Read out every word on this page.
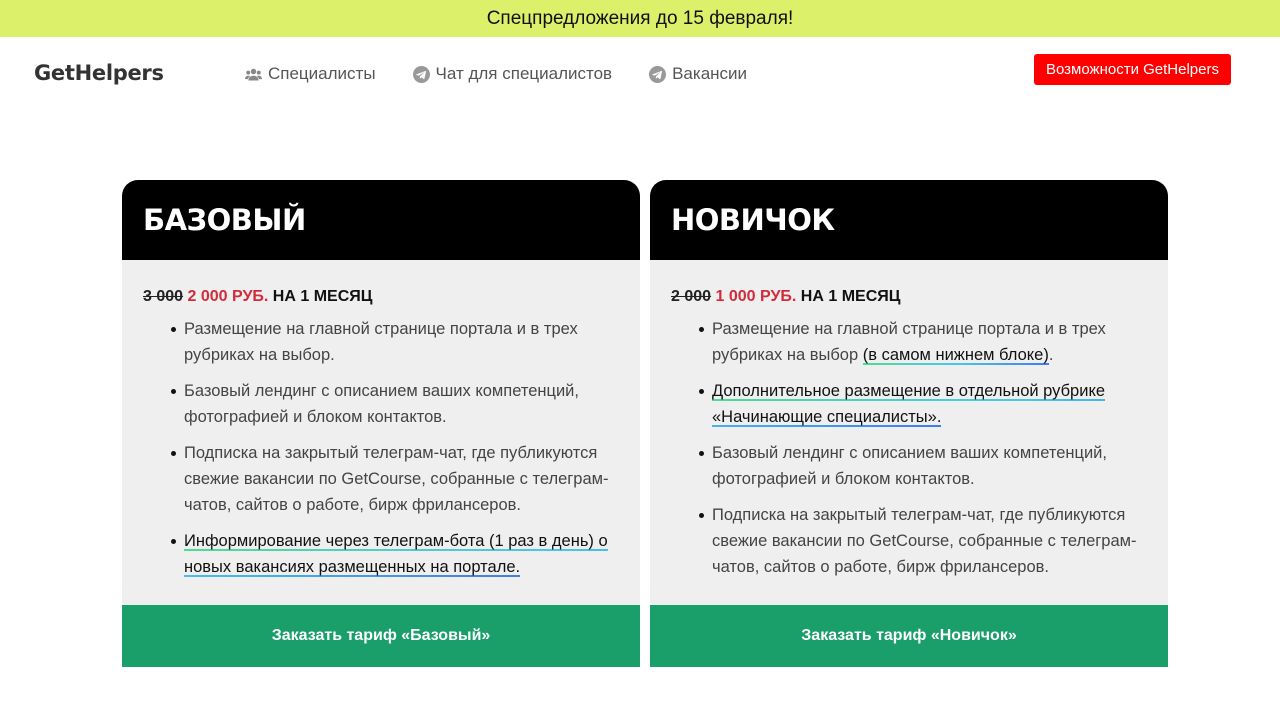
Спецпредложения до 15 февраля!
GetHelpers	Специалисты	Чат для специалистов	Вакансии	Возможности GetHelpers
БАЗОВЫЙ
3 000 2 000 РУБ. НА 1 МЕСЯЦ
Размещение на главной странице портала и в трех рубриках на выбор.
Базовый лендинг с описанием ваших компетенций, фотографией и блоком контактов.
Подписка на закрытый телеграм-чат, где публикуются свежие вакансии по GetCourse, собранные с телеграм-чатов, сайтов о работе, бирж фрилансеров.
Информирование через телеграм-бота (1 раз в день) о новых вакансиях размещенных на портале.
Заказать тариф «Базовый»
НОВИЧОК
2 000 1 000 РУБ. НА 1 МЕСЯЦ
Размещение на главной странице портала и в трех рубриках на выбор (в самом нижнем блоке).
Дополнительное размещение в отдельной рубрике «Начинающие специалисты».
Базовый лендинг с описанием ваших компетенций, фотографией и блоком контактов.
Подписка на закрытый телеграм-чат, где публикуются свежие вакансии по GetCourse, собранные с телеграм-чатов, сайтов о работе, бирж фрилансеров.
Заказать тариф «Новичок»
